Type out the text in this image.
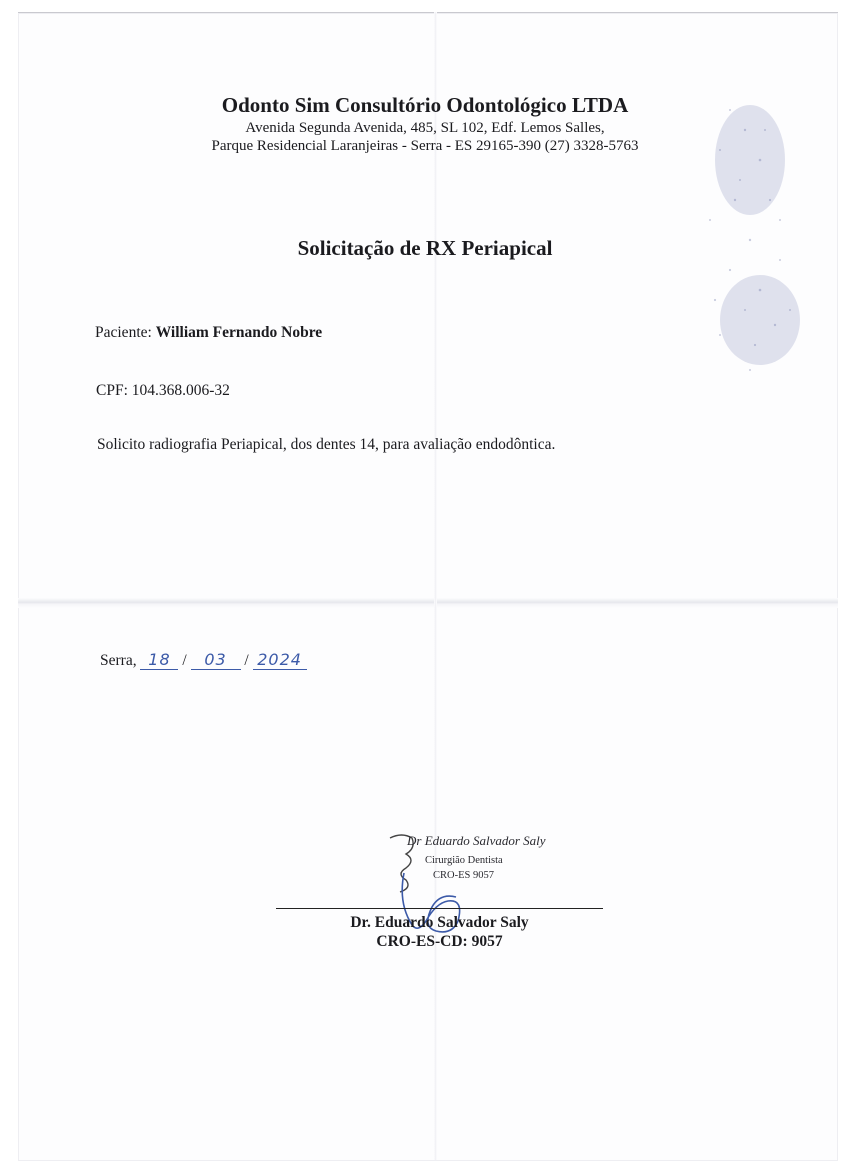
Odonto Sim Consultório Odontológico LTDA
Avenida Segunda Avenida, 485, SL 102, Edf. Lemos Salles,
Parque Residencial Laranjeiras - Serra - ES 29165-390 (27) 3328-5763
Solicitação de RX Periapical
Paciente: William Fernando Nobre
CPF: 104.368.006-32
Solicito radiografia Periapical, dos dentes 14, para avaliação endodôntica.
Serra, 18 / 03 / 2024
Dr Eduardo Salvador Saly
Cirurgião Dentista
CRO-ES 9057
Dr. Eduardo Salvador Saly
CRO-ES-CD: 9057
